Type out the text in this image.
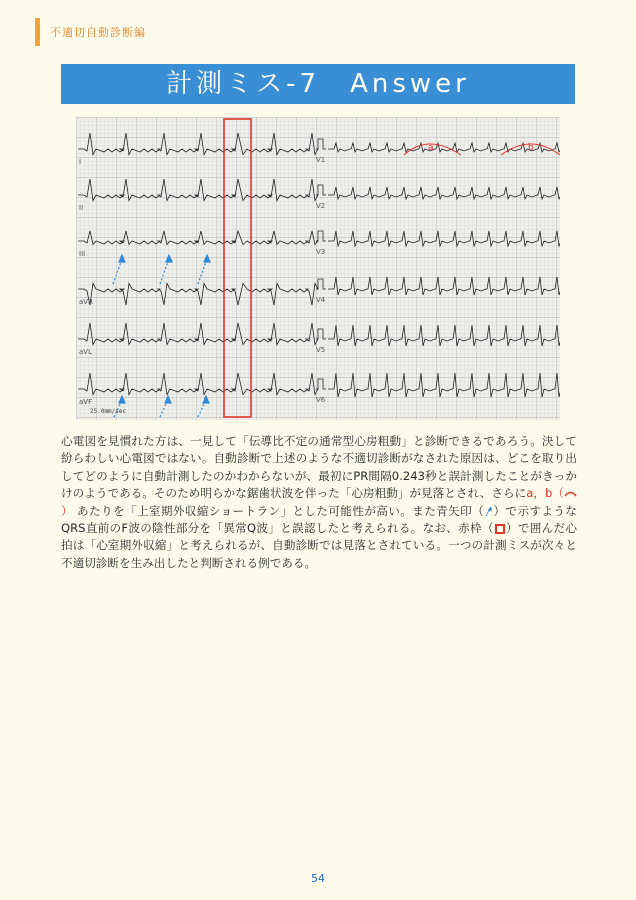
不適切自動診断編
計測ミス-7　Answer
I	V1
II	V2
III	V3
aVR	V4
aVL	V5
aVF	V6
a	b
25.0mm/sec

心電図を見慣れた方は、一見して「伝導比不定の通常型心房粗動」と診断できるであろう。決して紛らわしい心電図ではない。自動診断で上述のような不適切診断がなされた原因は、どこを取り出してどのように自動計測したのかわからないが、最初にPR間隔0.243秒と誤計測したことがきっかけのようである。そのため明らかな鋸歯状波を伴った「心房粗動」が見落とされ、さらにa，b（） あたりを「上室期外収縮ショートラン」とした可能性が高い。また青矢印（ ）で示すようなQRS直前のF波の陰性部分を「異常Q波」と誤認したと考えられる。なお、赤枠（ ）で囲んだ心拍は「心室期外収縮」と考えられるが、自動診断では見落とされている。一つの計測ミスが次々と不適切診断を生み出したと判断される例である。

54
